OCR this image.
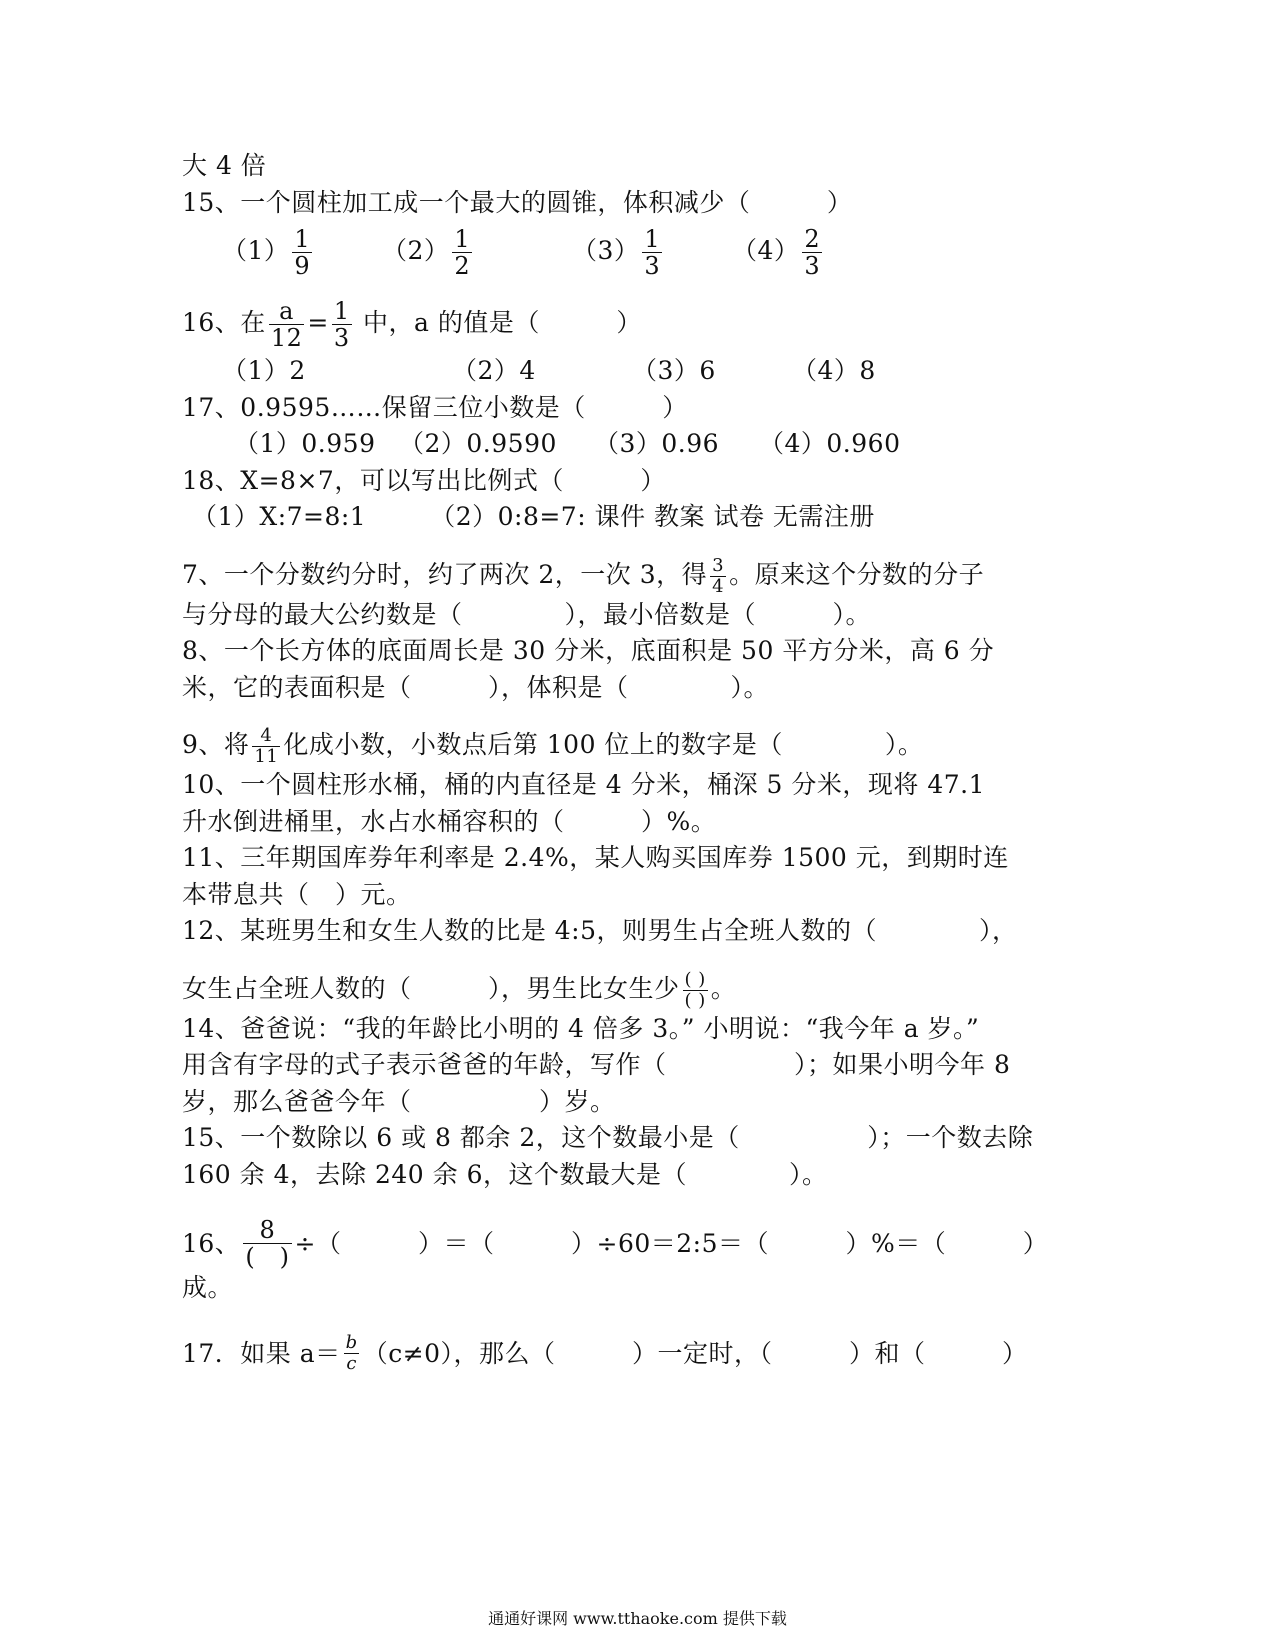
大 4 倍
15、一个圆柱加工成一个最大的圆锥，体积减少（　　　）
$(1) \frac{1}{9}$	$(2) \frac{1}{2}$	$(3) \frac{1}{3}$	$(4) \frac{2}{3}$
16、在 $\frac{a}{12} = \frac{1}{3}$ 中，a 的值是（　　　）
（1）2	（2）4	（3）6	（4）8
17、0.9595……保留三位小数是（　　　）
（1）0.959 （2）0.9590 （3）0.96 （4）0.960
18、X=8×7，可以写出比例式（　　　）
（1）X:7=8:1　　　（2）0:8=7: 课件 教案 试卷 无需注册
7、一个分数约分时，约了两次 2，一次 3，得 $\frac{3}{4}$ 。原来这个分数的分子
与分母的最大公约数是（　　　　），最小倍数是（　　　）。
8、一个长方体的底面周长是 30 分米，底面积是 50 平方分米，高 6 分
米，它的表面积是（　　　），体积是（　　　　）。
9、将 $\frac{4}{11}$ 化成小数，小数点后第 100 位上的数字是（　　　　）。
10、一个圆柱形水桶，桶的内直径是 4 分米，桶深 5 分米，现将 47.1
升水倒进桶里，水占水桶容积的（　　　）%。
11、三年期国库券年利率是 2.4%，某人购买国库券 1500 元，到期时连
本带息共（　）元。
12、某班男生和女生人数的比是 4:5，则男生占全班人数的（　　　　），
女生占全班人数的（　　　），男生比女生少 $\frac{( )}{( )}$ 。
14、爸爸说：“我的年龄比小明的 4 倍多 3。” 小明说：“我今年 a 岁。”
用含有字母的式子表示爸爸的年龄，写作（　　　　　）；如果小明今年 8
岁，那么爸爸今年（　　　　　）岁。
15、一个数除以 6 或 8 都余 2，这个数最小是（　　　　　）；一个数去除
160 余 4，去除 240 余 6，这个数最大是（　　　　）。
16、 $\frac{8}{( )}$ ÷（　　　）＝（　　　）÷60＝2:5＝（　　　）%＝（　　　）
成。
17．如果 $a= \frac{b}{c} (c\ne 0)$，那么（　　　）一定时，（　　　）和（　　　）
通通好课网 www.tthaoke.com 提供下载
